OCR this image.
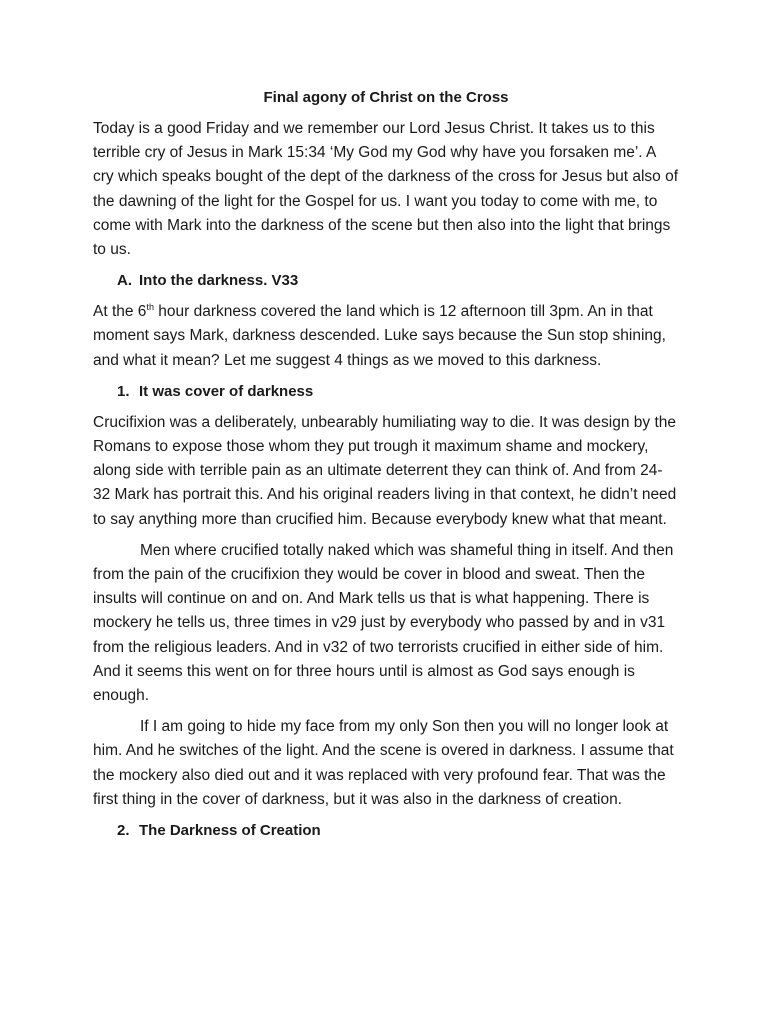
Final agony of Christ on the Cross

Today is a good Friday and we remember our Lord Jesus Christ. It takes us to this terrible cry of Jesus in Mark 15:34 ‘My God my God why have you forsaken me’. A cry which speaks bought of the dept of the darkness of the cross for Jesus but also of the dawning of the light for the Gospel for us. I want you today to come with me, to come with Mark into the darkness of the scene but then also into the light that brings to us.

A. Into the darkness. V33

At the 6th hour darkness covered the land which is 12 afternoon till 3pm. An in that moment says Mark, darkness descended. Luke says because the Sun stop shining, and what it mean? Let me suggest 4 things as we moved to this darkness.

1. It was cover of darkness

Crucifixion was a deliberately, unbearably humiliating way to die. It was design by the Romans to expose those whom they put trough it maximum shame and mockery, along side with terrible pain as an ultimate deterrent they can think of. And from 24-32 Mark has portrait this. And his original readers living in that context, he didn’t need to say anything more than crucified him. Because everybody knew what that meant.

Men where crucified totally naked which was shameful thing in itself. And then from the pain of the crucifixion they would be cover in blood and sweat. Then the insults will continue on and on. And Mark tells us that is what happening. There is mockery he tells us, three times in v29 just by everybody who passed by and in v31 from the religious leaders. And in v32 of two terrorists crucified in either side of him. And it seems this went on for three hours until is almost as God says enough is enough.

If I am going to hide my face from my only Son then you will no longer look at him. And he switches of the light. And the scene is overed in darkness. I assume that the mockery also died out and it was replaced with very profound fear. That was the first thing in the cover of darkness, but it was also in the darkness of creation.

2. The Darkness of Creation
